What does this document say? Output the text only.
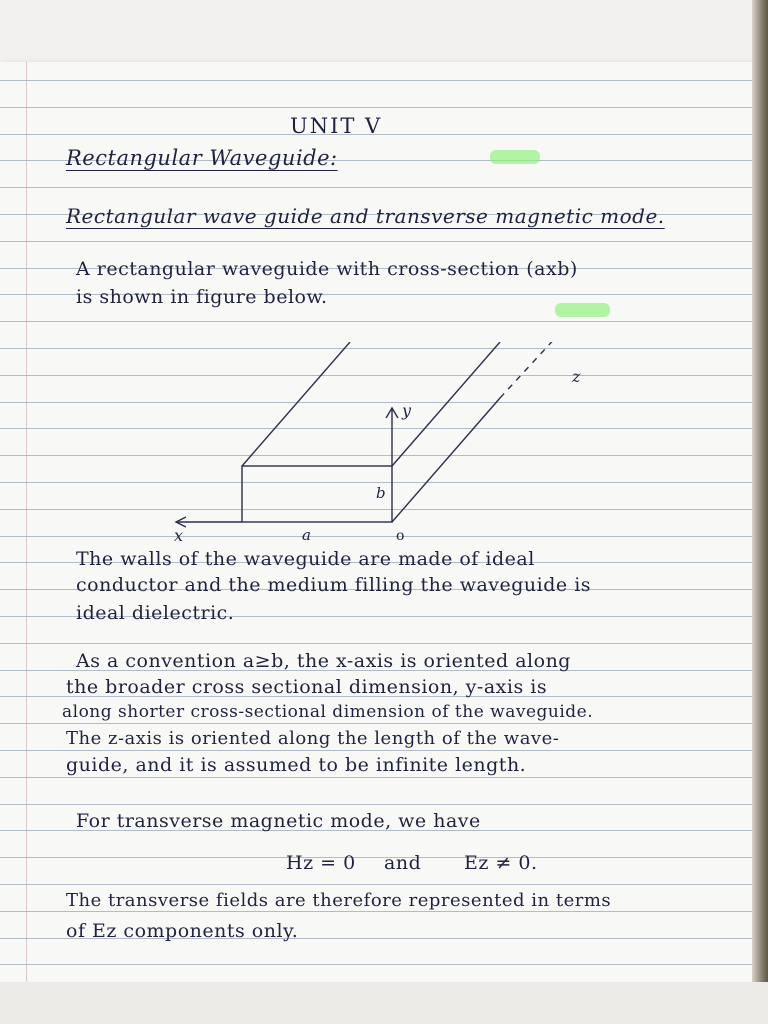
UNIT V
Rectangular Waveguide:
Rectangular wave guide and transverse magnetic mode.
A rectangular waveguide with cross-section (axb)
is shown in figure below.
The walls of the waveguide are made of ideal
conductor and the medium filling the waveguide is
ideal dielectric.
As a convention a≥b, the x-axis is oriented along
the broader cross sectional dimension, y-axis is
along shorter cross-sectional dimension of the waveguide.
The z-axis is oriented along the length of the wave-
guide, and it is assumed to be infinite length.
For transverse magnetic mode, we have
Hz = 0 and Ez ≠ 0.
The transverse fields are therefore represented in terms
of Ez components only.
y
z
b
a
x	o
